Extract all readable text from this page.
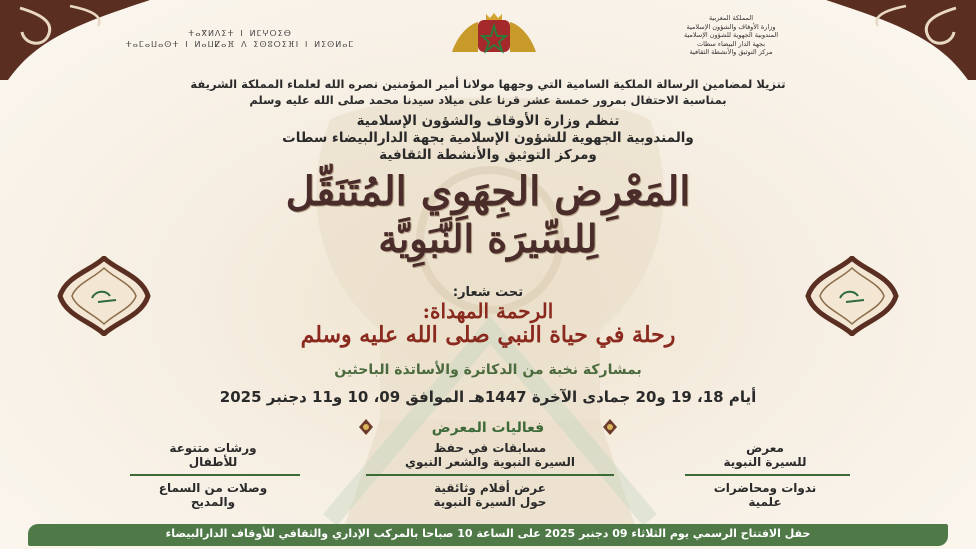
ⵜⴰⴳⵍⴷⵉⵜ ⵏ ⵍⵎⵖⵔⵉⴱ
ⵜⴰⵎⴰⵡⴰⵙⵜ ⵏ ⵍⴰⵡⵇⴰⴼ ⴷ ⵉⵙⵓⵔⵉⴼⵏ ⵏ ⵍⵉⵙⵍⴰⵎ
المملكة المغربية
وزارة الأوقاف والشؤون الإسلامية
المندوبية الجهوية للشؤون الإسلامية
بجهة الدار البيضاء سطات
مركز التوثيق والأنشطة الثقافية
تنزيلا لمضامين الرسالة الملكية السامية التي وجهها مولانا أمير المؤمنين نصره الله لعلماء المملكة الشريفة
بمناسبة الاحتفال بمرور خمسة عشر قرنا على ميلاد سيدنا محمد صلى الله عليه وسلم
تنظم وزارة الأوقاف والشؤون الإسلامية
والمندوبية الجهوية للشؤون الإسلامية بجهة الدارالبيضاء سطات
ومركز التوثيق والأنشطة الثقافية
المَعْرِض الجِهَوِي المُتَنَقِّل
لِلسِّيرَة النَّبَوِيَّة
تحت شعار:
الرحمة المهداة:
رحلة في حياة النبي صلى الله عليه وسلم
بمشاركة نخبة من الدكاترة والأساتذة الباحثين
أيام 18، 19 و20 جمادى الآخرة 1447هـ الموافق 09، 10 و11 دجنبر 2025
فعاليات المعرض
معرض
للسيرة النبوية
مسابقات في حفظ
السيرة النبوية والشعر النبوي
ورشات متنوعة
للأطفال
ندوات ومحاضرات
علمية
عرض أفلام وثائقية
حول السيرة النبوية
وصلات من السماع
والمديح
حفل الافتتاح الرسمي يوم الثلاثاء 09 دجنبر 2025 على الساعة 10 صباحا بالمركب الإداري والثقافي للأوقاف الدارالبيضاء
